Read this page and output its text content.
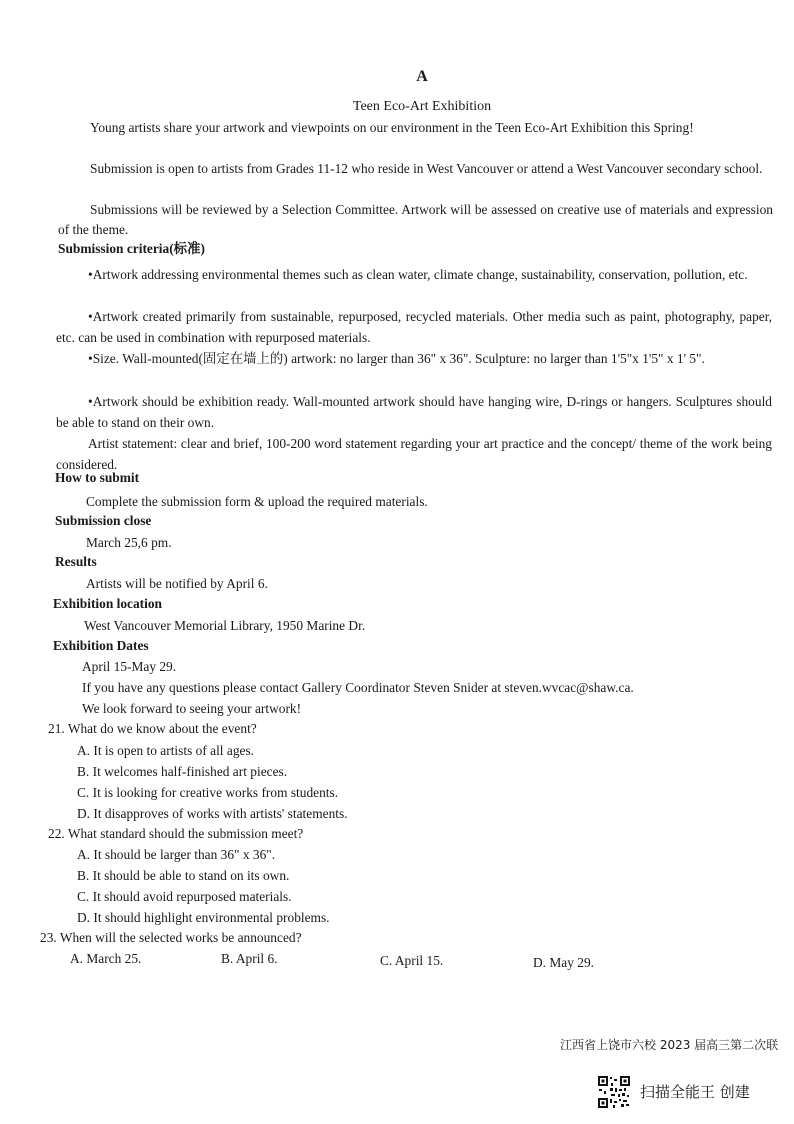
A
Teen Eco-Art Exhibition
Young artists share your artwork and viewpoints on our environment in the Teen Eco-Art Exhibition this Spring!
Submission is open to artists from Grades 11-12 who reside in West Vancouver or attend a West Vancouver secondary school.
Submissions will be reviewed by a Selection Committee. Artwork will be assessed on creative use of materials and expression of the theme.
Submission criteria(标准)
•Artwork addressing environmental themes such as clean water, climate change, sustainability, conservation, pollution, etc.
•Artwork created primarily from sustainable, repurposed, recycled materials. Other media such as paint, photography, paper, etc. can be used in combination with repurposed materials.
•Size. Wall-mounted(固定在墙上的) artwork: no larger than 36" x 36". Sculpture: no larger than 1'5"x 1'5" x 1' 5".
•Artwork should be exhibition ready. Wall-mounted artwork should have hanging wire, D-rings or hangers. Sculptures should be able to stand on their own.
Artist statement: clear and brief, 100-200 word statement regarding your art practice and the concept/ theme of the work being considered.
How to submit
Complete the submission form & upload the required materials.
Submission close
March 25,6 pm.
Results
Artists will be notified by April 6.
Exhibition location
West Vancouver Memorial Library, 1950 Marine Dr.
Exhibition Dates
April 15-May 29.
If you have any questions please contact Gallery Coordinator Steven Snider at steven.wvcac@shaw.ca.
We look forward to seeing your artwork!
21. What do we know about the event?
A. It is open to artists of all ages.
B. It welcomes half-finished art pieces.
C. It is looking for creative works from students.
D. It disapproves of works with artists' statements.
22. What standard should the submission meet?
A. It should be larger than 36" x 36".
B. It should be able to stand on its own.
C. It should avoid repurposed materials.
D. It should highlight environmental problems.
23. When will the selected works be announced?
A. March 25.	B. April 6.	C. April 15.	D. May 29.
江西省上饶市六校 2023 届高三第二次联
扫描全能王 创建
